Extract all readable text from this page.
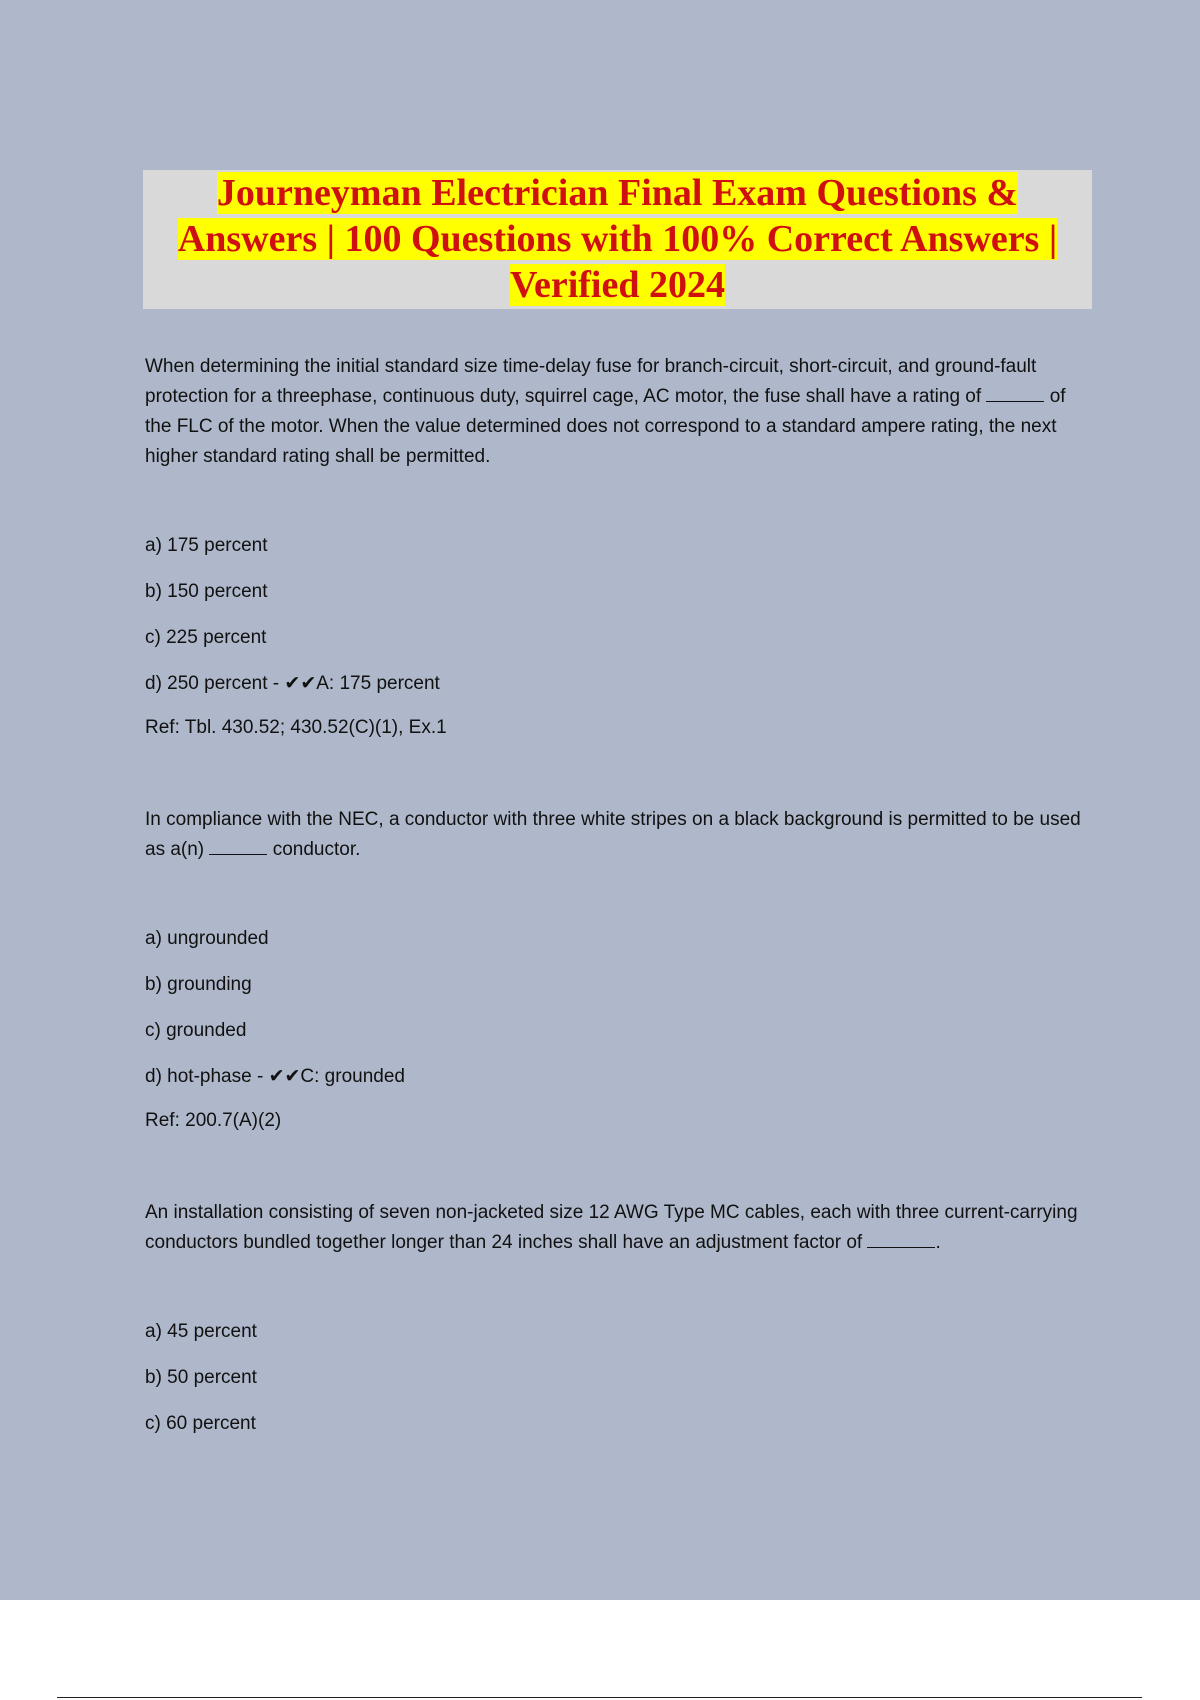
Journeyman Electrician Final Exam Questions &
Answers | 100 Questions with 100% Correct Answers |
Verified 2024

When determining the initial standard size time-delay fuse for branch-circuit, short-circuit, and ground-fault protection for a threephase, continuous duty, squirrel cage, AC motor, the fuse shall have a rating of	of the FLC of the motor. When the value determined does not correspond to a standard ampere rating, the next higher standard rating shall be permitted.

a) 175 percent

b) 150 percent

c) 225 percent

d) 250 percent - ✔✔A: 175 percent

Ref: Tbl. 430.52; 430.52(C)(1), Ex.1

In compliance with the NEC, a conductor with three white stripes on a black background is permitted to be used as a(n)	conductor.

a) ungrounded

b) grounding

c) grounded

d) hot-phase - ✔✔C: grounded

Ref: 200.7(A)(2)

An installation consisting of seven non-jacketed size 12 AWG Type MC cables, each with three current-carrying conductors bundled together longer than 24 inches shall have an adjustment factor of	.

a) 45 percent

b) 50 percent

c) 60 percent
